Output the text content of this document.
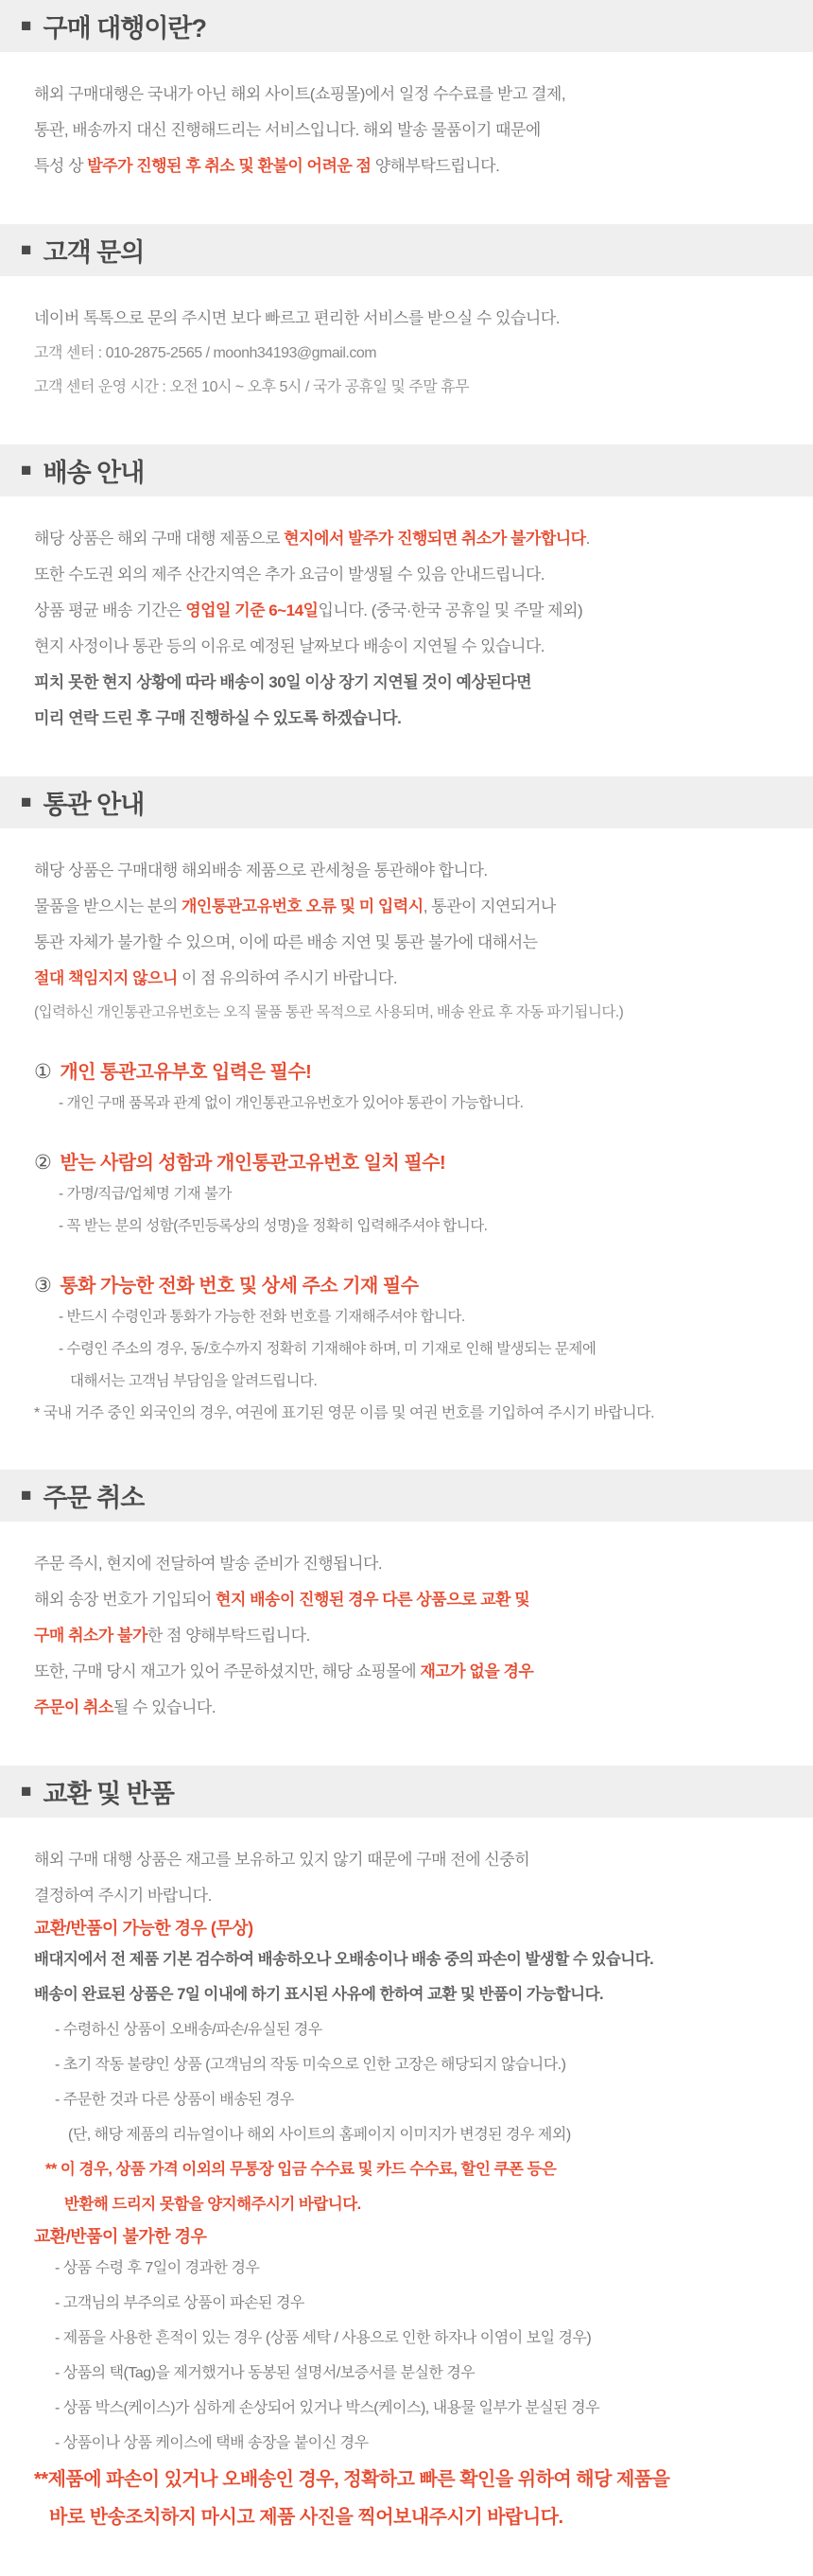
■ 구매 대행이란?

해외 구매대행은 국내가 아닌 해외 사이트(쇼핑몰)에서 일정 수수료를 받고 결제,

통관, 배송까지 대신 진행해드리는 서비스입니다. 해외 발송 물품이기 때문에

특성 상 발주가 진행된 후 취소 및 환불이 어려운 점 양해부탁드립니다.

■ 고객 문의

네이버 톡톡으로 문의 주시면 보다 빠르고 편리한 서비스를 받으실 수 있습니다.

고객 센터 : 010-2875-2565 / moonh34193@gmail.com

고객 센터 운영 시간 : 오전 10시 ~ 오후 5시 / 국가 공휴일 및 주말 휴무

■ 배송 안내

해당 상품은 해외 구매 대행 제품으로 현지에서 발주가 진행되면 취소가 불가합니다.

또한 수도권 외의 제주 산간지역은 추가 요금이 발생될 수 있음 안내드립니다.

상품 평균 배송 기간은 영업일 기준 6~14일입니다. (중국·한국 공휴일 및 주말 제외)

현지 사정이나 통관 등의 이유로 예정된 날짜보다 배송이 지연될 수 있습니다.

피치 못한 현지 상황에 따라 배송이 30일 이상 장기 지연될 것이 예상된다면

미리 연락 드린 후 구매 진행하실 수 있도록 하겠습니다.

■ 통관 안내

해당 상품은 구매대행 해외배송 제품으로 관세청을 통관해야 합니다.

물품을 받으시는 분의 개인통관고유번호 오류 및 미 입력시, 통관이 지연되거나

통관 자체가 불가할 수 있으며, 이에 따른 배송 지연 및 통관 불가에 대해서는

절대 책임지지 않으니 이 점 유의하여 주시기 바랍니다.

(입력하신 개인통관고유번호는 오직 물품 통관 목적으로 사용되며, 배송 완료 후 자동 파기됩니다.)

① 개인 통관고유부호 입력은 필수!

- 개인 구매 품목과 관계 없이 개인통관고유번호가 있어야 통관이 가능합니다.

② 받는 사람의 성함과 개인통관고유번호 일치 필수!

- 가명/직급/업체명 기재 불가

- 꼭 받는 분의 성함(주민등록상의 성명)을 정확히 입력해주셔야 합니다.

③ 통화 가능한 전화 번호 및 상세 주소 기재 필수

- 반드시 수령인과 통화가 가능한 전화 번호를 기재해주셔야 합니다.

- 수령인 주소의 경우, 동/호수까지 정확히 기재해야 하며, 미 기재로 인해 발생되는 문제에

대해서는 고객님 부담임을 알려드립니다.

* 국내 거주 중인 외국인의 경우, 여권에 표기된 영문 이름 및 여권 번호를 기입하여 주시기 바랍니다.

■ 주문 취소

주문 즉시, 현지에 전달하여 발송 준비가 진행됩니다.

해외 송장 번호가 기입되어 현지 배송이 진행된 경우 다른 상품으로 교환 및

구매 취소가 불가한 점 양해부탁드립니다.

또한, 구매 당시 재고가 있어 주문하셨지만, 해당 쇼핑몰에 재고가 없을 경우

주문이 취소될 수 있습니다.

■ 교환 및 반품

해외 구매 대행 상품은 재고를 보유하고 있지 않기 때문에 구매 전에 신중히

결정하여 주시기 바랍니다.

교환/반품이 가능한 경우 (무상)

배대지에서 전 제품 기본 검수하여 배송하오나 오배송이나 배송 중의 파손이 발생할 수 있습니다.

배송이 완료된 상품은 7일 이내에 하기 표시된 사유에 한하여 교환 및 반품이 가능합니다.

- 수령하신 상품이 오배송/파손/유실된 경우

- 초기 작동 불량인 상품 (고객님의 작동 미숙으로 인한 고장은 해당되지 않습니다.)

- 주문한 것과 다른 상품이 배송된 경우

(단, 해당 제품의 리뉴얼이나 해외 사이트의 홈페이지 이미지가 변경된 경우 제외)

** 이 경우, 상품 가격 이외의 무통장 입금 수수료 및 카드 수수료, 할인 쿠폰 등은

반환해 드리지 못함을 양지해주시기 바랍니다.

교환/반품이 불가한 경우

- 상품 수령 후 7일이 경과한 경우

- 고객님의 부주의로 상품이 파손된 경우

- 제품을 사용한 흔적이 있는 경우 (상품 세탁 / 사용으로 인한 하자나 이염이 보일 경우)

- 상품의 택(Tag)을 제거했거나 동봉된 설명서/보증서를 분실한 경우

- 상품 박스(케이스)가 심하게 손상되어 있거나 박스(케이스), 내용물 일부가 분실된 경우

- 상품이나 상품 케이스에 택배 송장을 붙이신 경우

**제품에 파손이 있거나 오배송인 경우, 정확하고 빠른 확인을 위하여 해당 제품을

바로 반송조치하지 마시고 제품 사진을 찍어보내주시기 바랍니다.
